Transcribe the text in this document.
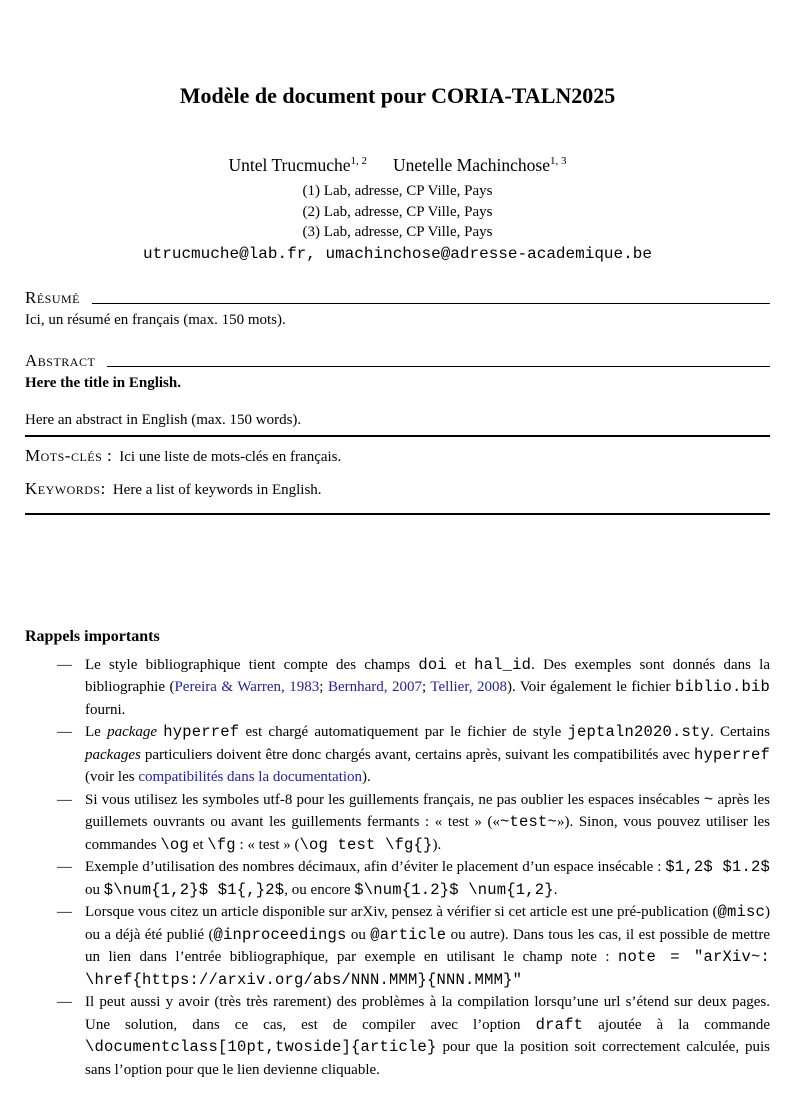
Modèle de document pour CORIA-TALN2025
Untel Trucmuche$^{1, 2}$ Unetelle Machinchose$^{1, 3}$
(1) Lab, adresse, CP Ville, Pays
(2) Lab, adresse, CP Ville, Pays
(3) Lab, adresse, CP Ville, Pays
utrucmuche@lab.fr, umachinchose@adresse-academique.be
Résumé

Ici, un résumé en français (max. 150 mots).

Abstract

Here the title in English.

Here an abstract in English (max. 150 words).

Mots-clés : Ici une liste de mots-clés en français.
Keywords: Here a list of keywords in English.
Rappels importants
— Le style bibliographique tient compte des champs doi et hal_id. Des exemples sont donnés dans la bibliographie (Pereira & Warren, 1983; Bernhard, 2007; Tellier, 2008). Voir également le fichier biblio.bib fourni.
— Le package hyperref est chargé automatiquement par le fichier de style jeptaln2020.sty. Certains packages particuliers doivent être donc chargés avant, certains après, suivant les compatibilités avec hyperref (voir les compatibilités dans la documentation).
— Si vous utilisez les symboles utf-8 pour les guillements français, ne pas oublier les espaces insécables ~ après les guillemets ouvrants ou avant les guillements fermants : « test » («~test~»). Sinon, vous pouvez utiliser les commandes \og et \fg : « test » (\og test \fg{}).
— Exemple d’utilisation des nombres décimaux, afin d’éviter le placement d’un espace insécable : $1,2$ $1.2$ ou $\num{1,2}$ $1{,}2$, ou encore $\num{1.2}$ \num{1,2}.
— Lorsque vous citez un article disponible sur arXiv, pensez à vérifier si cet article est une pré-publication (@misc) ou a déjà été publié (@inproceedings ou @article ou autre). Dans tous les cas, il est possible de mettre un lien dans l’entrée bibliographique, par exemple en utilisant le champ note : note = "arXiv~: \href{https://arxiv.org/abs/NNN.MMM}{NNN.MMM}"
— Il peut aussi y avoir (très très rarement) des problèmes à la compilation lorsqu’une url s’étend sur deux pages. Une solution, dans ce cas, est de compiler avec l’option draft ajoutée à la commande \documentclass[10pt,twoside]{article} pour que la position soit correctement calculée, puis sans l’option pour que le lien devienne cliquable.
